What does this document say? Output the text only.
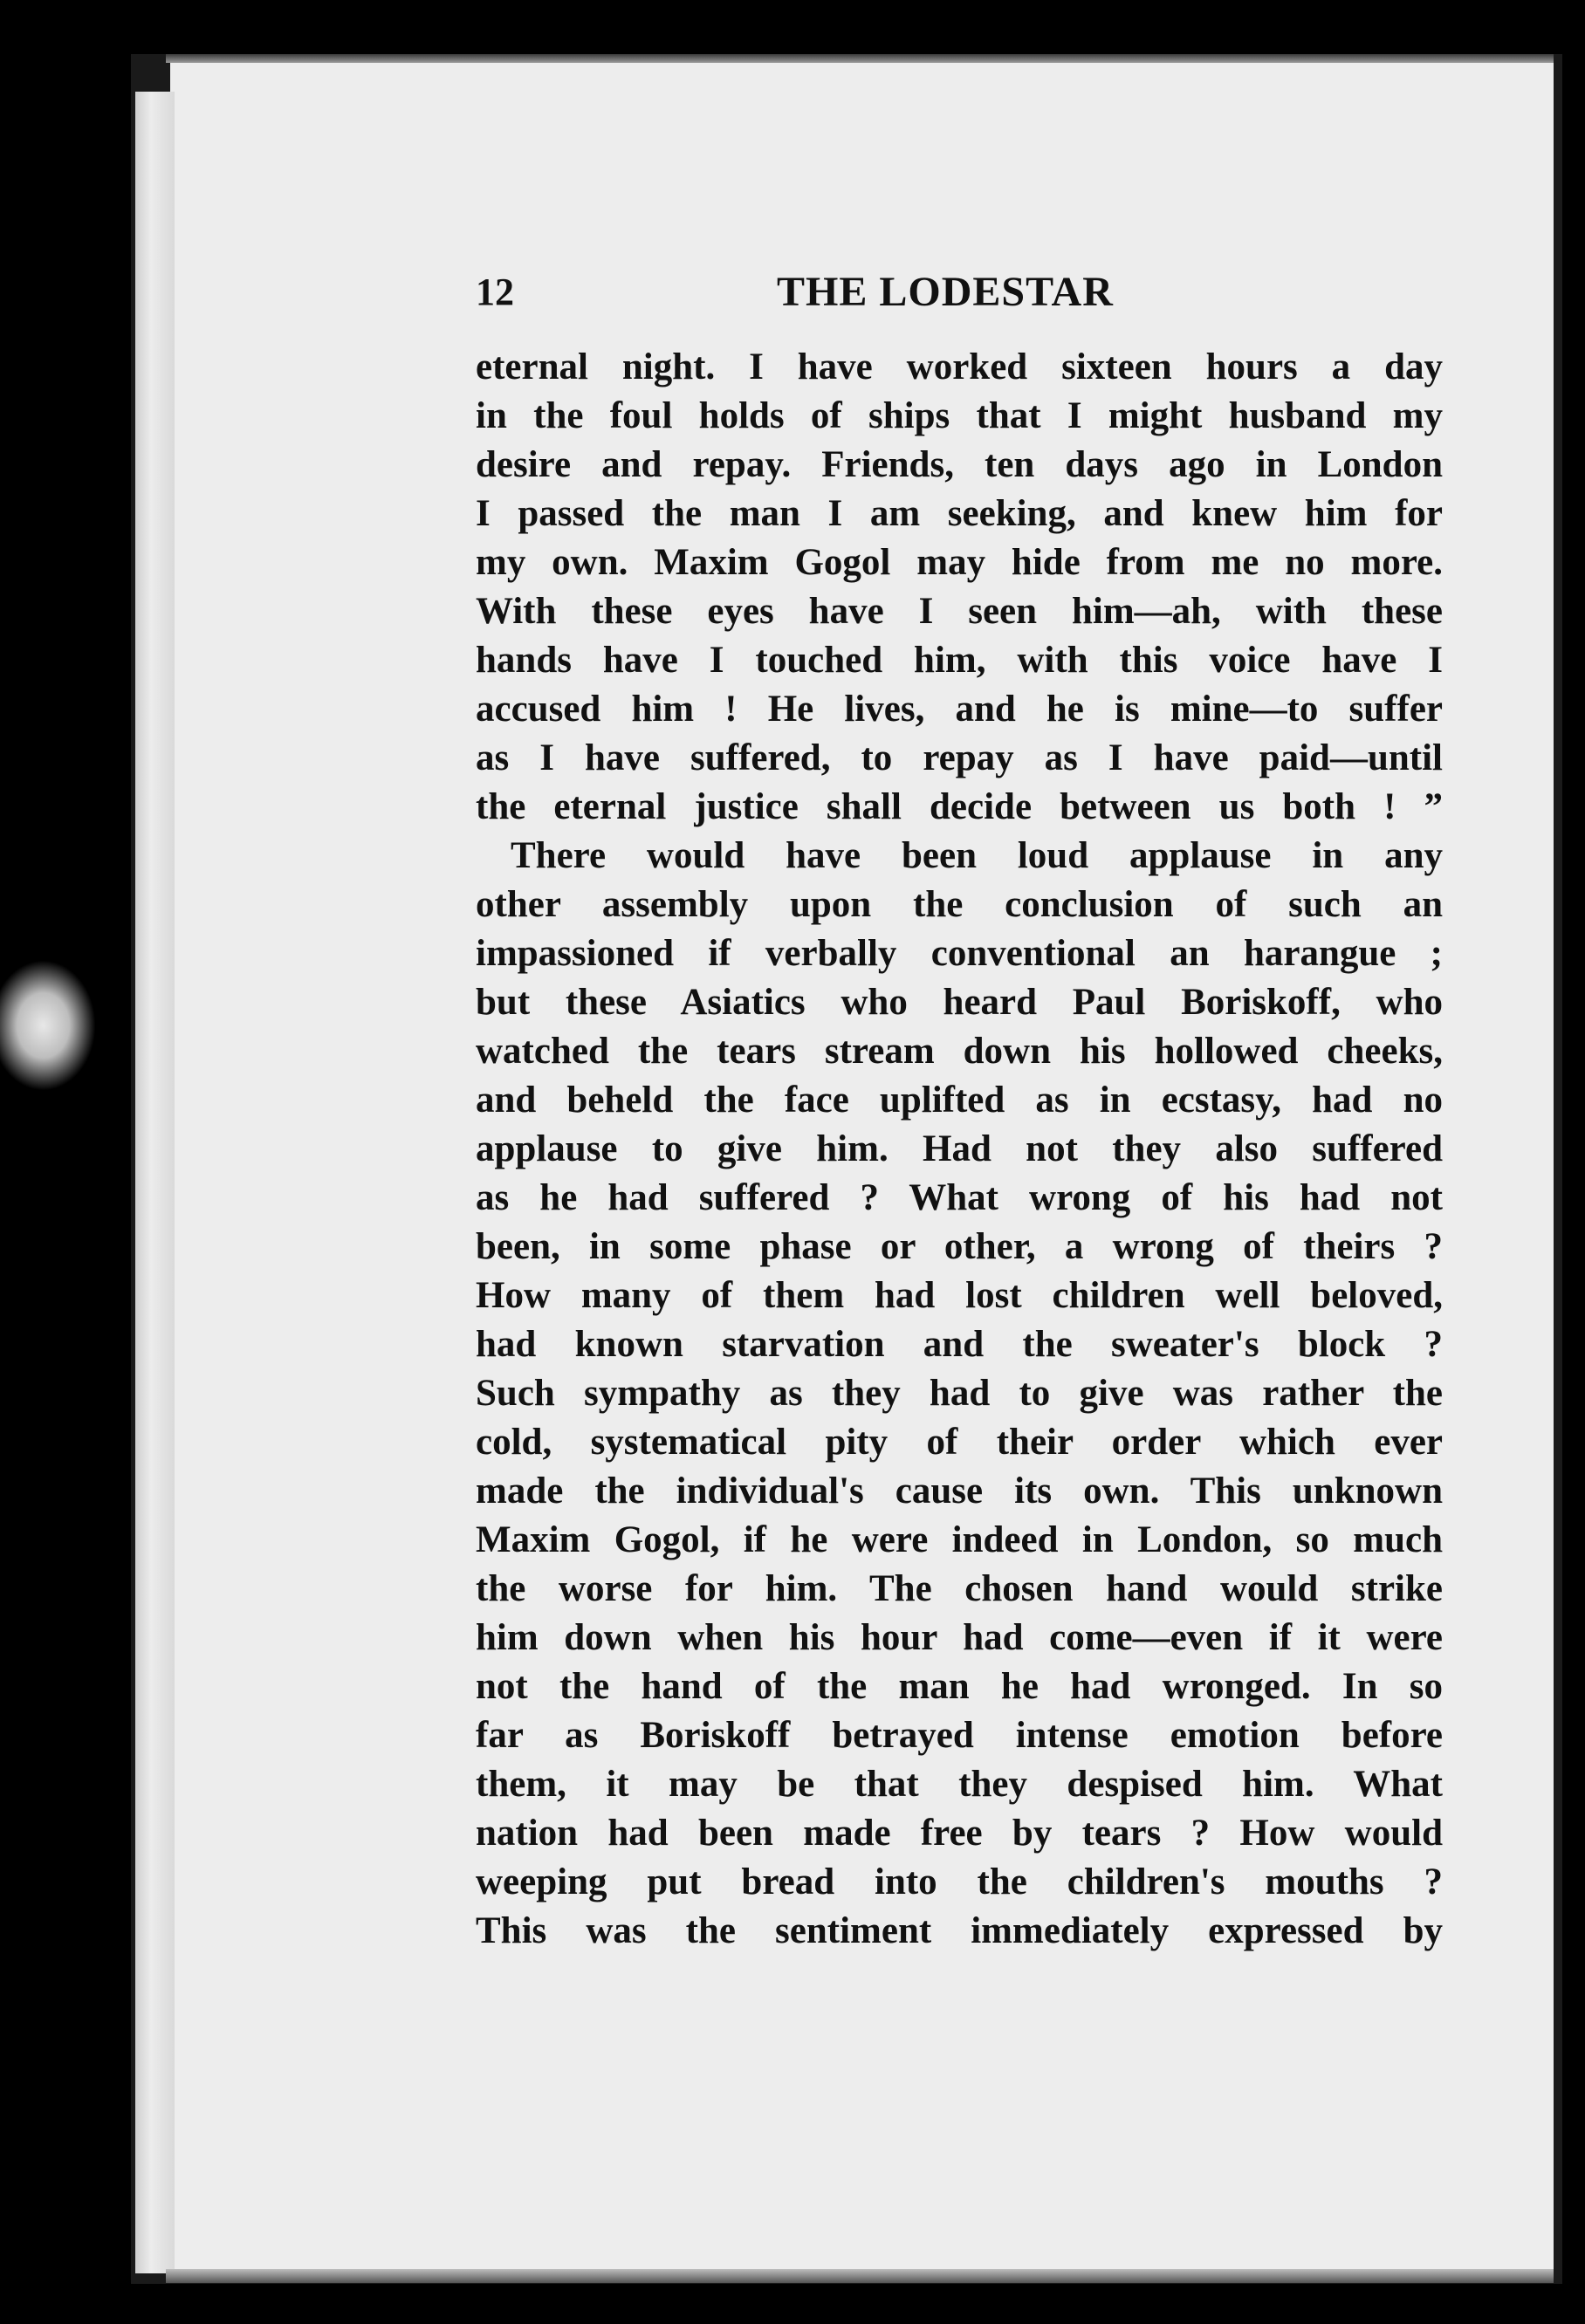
12	THE LODESTAR
eternal night. I have worked sixteen hours a day
in the foul holds of ships that I might husband my
desire and repay. Friends, ten days ago in London
I passed the man I am seeking, and knew him for
my own. Maxim Gogol may hide from me no more.
With these eyes have I seen him—ah, with these
hands have I touched him, with this voice have I
accused him ! He lives, and he is mine—to suffer
as I have suffered, to repay as I have paid—until
the eternal justice shall decide between us both ! ”
There would have been loud applause in any
other assembly upon the conclusion of such an
impassioned if verbally conventional an harangue ;
but these Asiatics who heard Paul Boriskoff, who
watched the tears stream down his hollowed cheeks,
and beheld the face uplifted as in ecstasy, had no
applause to give him. Had not they also suffered
as he had suffered ? What wrong of his had not
been, in some phase or other, a wrong of theirs ?
How many of them had lost children well beloved,
had known starvation and the sweater's block ?
Such sympathy as they had to give was rather the
cold, systematical pity of their order which ever
made the individual's cause its own. This unknown
Maxim Gogol, if he were indeed in London, so much
the worse for him. The chosen hand would strike
him down when his hour had come—even if it were
not the hand of the man he had wronged. In so
far as Boriskoff betrayed intense emotion before
them, it may be that they despised him. What
nation had been made free by tears ? How would
weeping put bread into the children's mouths ?
This was the sentiment immediately expressed by
